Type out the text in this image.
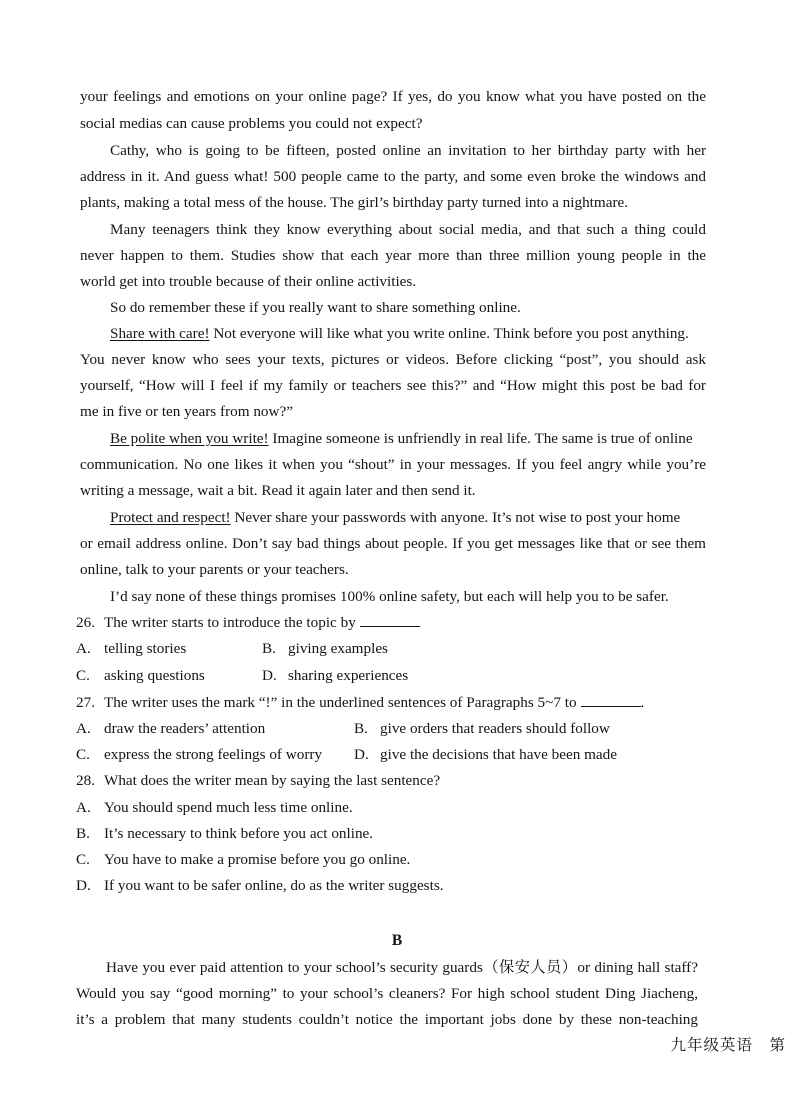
your feelings and emotions on your online page? If yes, do you know what you have posted on the
social medias can cause problems you could not expect?
Cathy, who is going to be fifteen, posted online an invitation to her birthday party with her
address in it. And guess what! 500 people came to the party, and some even broke the windows and
plants, making a total mess of the house. The girl’s birthday party turned into a nightmare.
Many teenagers think they know everything about social media, and that such a thing could
never happen to them. Studies show that each year more than three million young people in the
world get into trouble because of their online activities.
So do remember these if you really want to share something online.
Share with care! Not everyone will like what you write online. Think before you post anything.
You never know who sees your texts, pictures or videos. Before clicking “post”, you should ask
yourself, “How will I feel if my family or teachers see this?” and “How might this post be bad for
me in five or ten years from now?”
Be polite when you write! Imagine someone is unfriendly in real life. The same is true of online
communication. No one likes it when you “shout” in your messages. If you feel angry while you’re
writing a message, wait a bit. Read it again later and then send it.
Protect and respect! Never share your passwords with anyone. It’s not wise to post your home
or email address online. Don’t say bad things about people. If you get messages like that or see them
online, talk to your parents or your teachers.
I’d say none of these things promises 100% online safety, but each will help you to be safer.
26. The writer starts to introduce the topic by
A. telling stories	B. giving examples
C. asking questions	D. sharing experiences
27. The writer uses the mark “!” in the underlined sentences of Paragraphs 5~7 to	.
A. draw the readers’ attention	B. give orders that readers should follow
C. express the strong feelings of worry D. give the decisions that have been made
28. What does the writer mean by saying the last sentence?
A. You should spend much less time online.
B. It’s necessary to think before you act online.
C. You have to make a promise before you go online.
D. If you want to be safer online, do as the writer suggests.
B
Have you ever paid attention to your school’s security guards（保安人员）or dining hall staff?
Would you say “good morning” to your school’s cleaners? For high school student Ding Jiacheng,
it’s a problem that many students couldn’t notice the important jobs done by these non-teaching
九年级英语　第
